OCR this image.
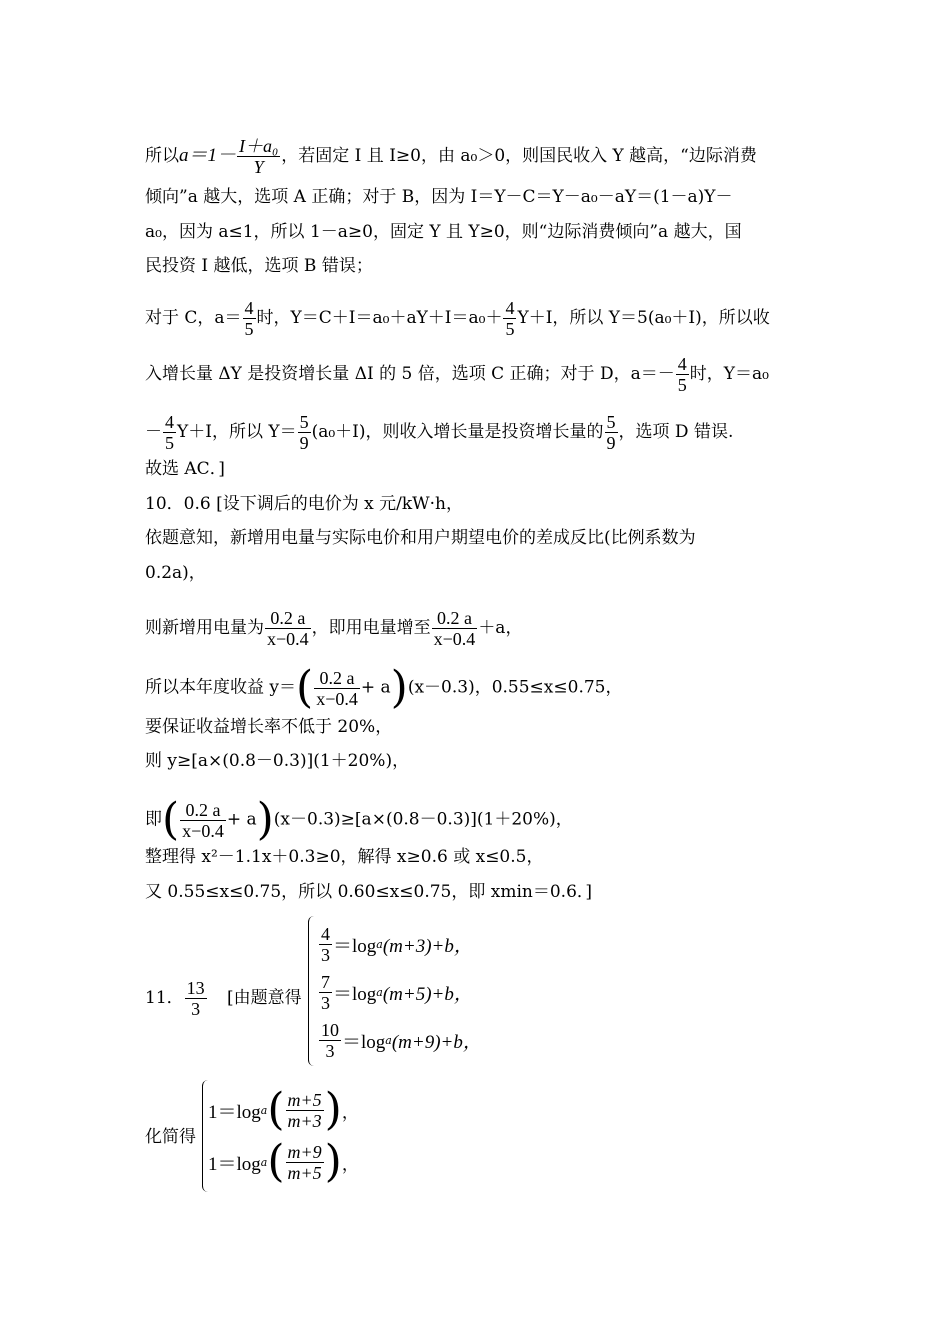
所以$a=1- \frac{\text{I＋a₀}}{Y}$ ，若固定 I 且 I≥0，由 a₀＞0，则国民收入 Y 越高，“边际消费
倾向”a 越大，选项 A 正确；对于 B，因为 I＝Y－C＝Y－a₀－aY＝(1－a)Y－
a₀，因为 a≤1，所以 1－a≥0，固定 Y 且 Y≥0，则“边际消费倾向”a 越大，国
民投资 I 越低，选项 B 错误；
对于 C，$a= \frac{4}{5}$ 时，$Y=C+I=a_0+aY+I=a_0+ \frac{4}{5} Y+I$，所以 Y＝5(a₀＋I)，所以收
入增长量 ΔY 是投资增长量 ΔI 的 5 倍，选项 C 正确；对于 D，$a=- \frac{4}{5}$ 时，Y＝a₀
－ $\frac{4}{5} Y+I$，所以 $Y= \frac{5}{9} (a_0+I)$，则收入增长量是投资增长量的 $\frac{5}{9}$ ，选项 D 错误.
故选 AC．]
10．0.6 [设下调后的电价为 x 元/kW·h，
依题意知，新增用电量与实际电价和用户期望电价的差成反比(比例系数为
0.2a)，
则新增用电量为 $\frac{0.2 a}{x-0.4}$ ，即用电量增至 $\frac{0.2 a}{x-0.4} +a$，
所以本年度收益 $y=( \frac{0.2 a}{x-0.4} + a)(x-0.3)$，0.55≤x≤0.75，
要保证收益增长率不低于 20%，
则 y≥[a×(0.8－0.3)](1＋20%)，
即( $\frac{0.2 a}{x-0.4} + a)(x-0.3)\ge[a\times(0.8-0.3)](1+20\%)$，
整理得 x²－1.1x＋0.3≥0，解得 x≥0.6 或 x≤0.5，
又 0.55≤x≤0.75，所以 0.60≤x≤0.75，即 xmin＝0.6．]
11． $\frac{13}{3}$ [由题意得
$\frac{4}{3} =\log$ a (m+3)+b，
$\frac{7}{3} =\log$ a (m+5)+b，
$\frac{10}{3} =\log$ a (m+9)+b，
化简得
1＝log a ( $\frac{m+5}{m+3}$ ) ，
1＝log a ( $\frac{m+9}{m+5}$ ) ，
